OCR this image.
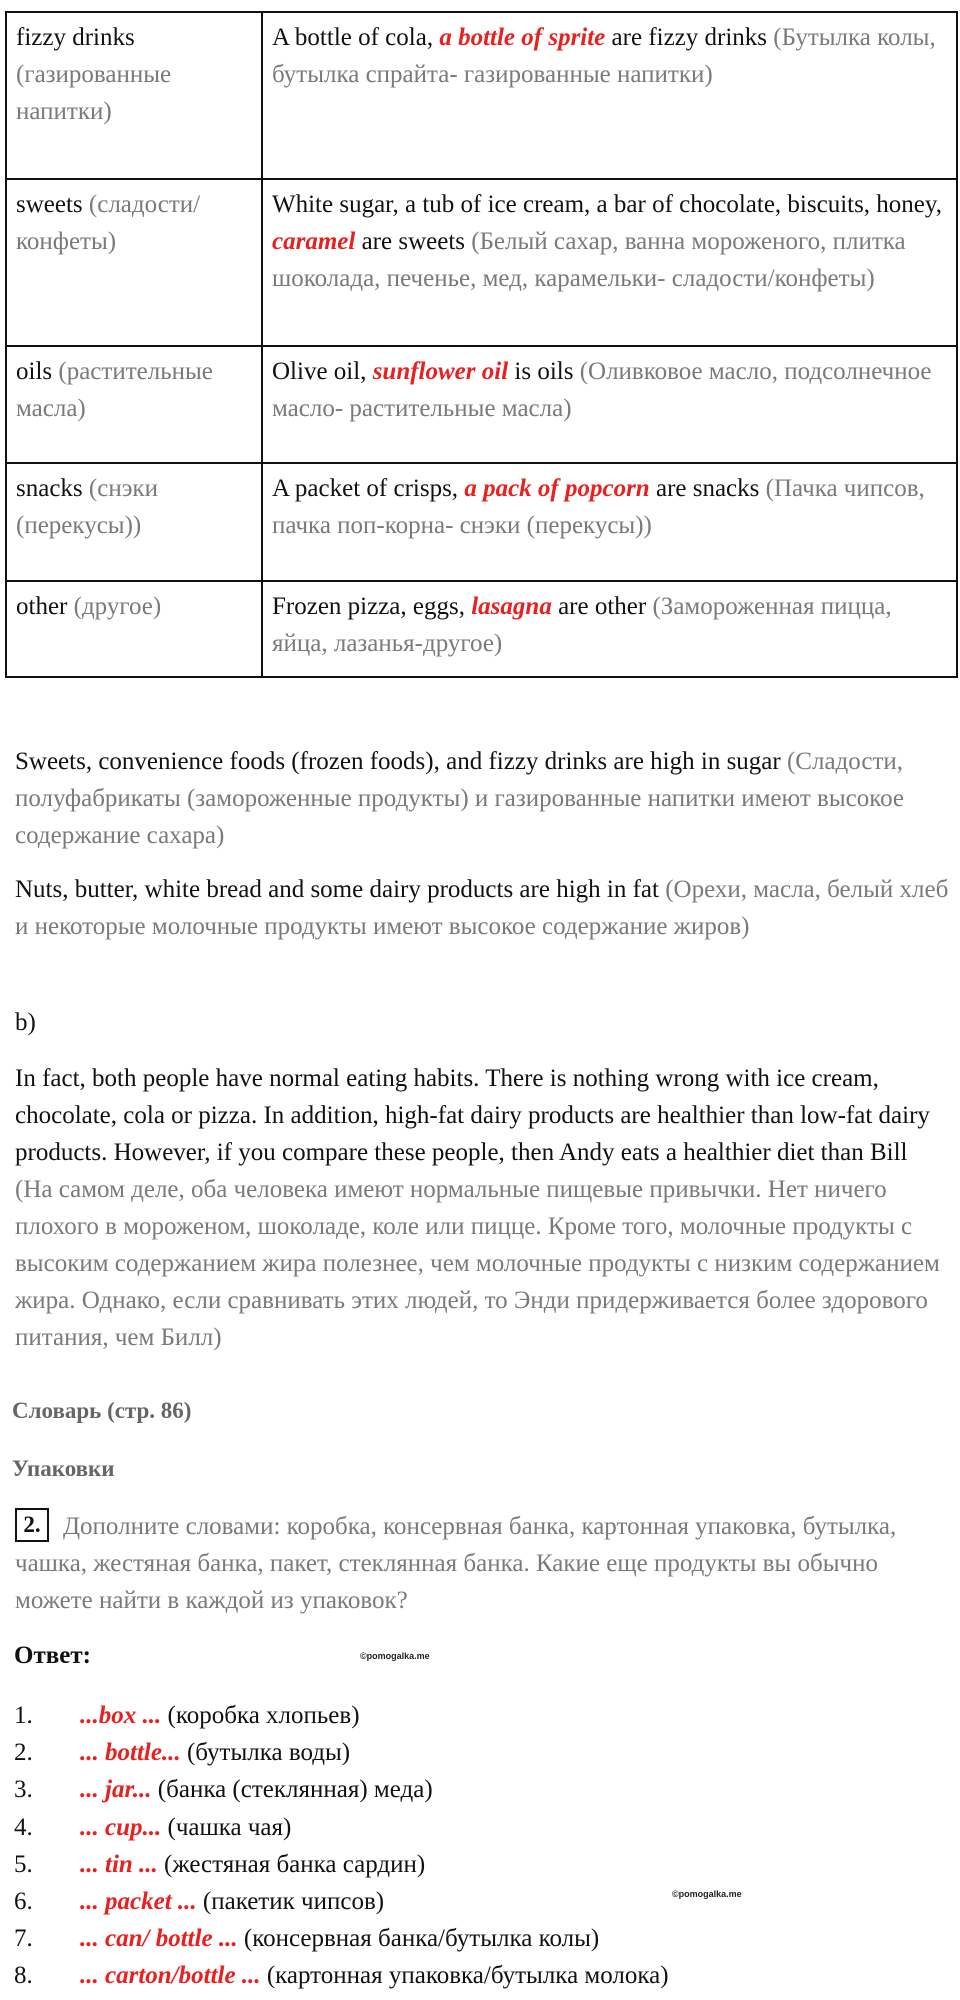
fizzy drinks (газированные напитки)	A bottle of cola, a bottle of sprite are fizzy drinks (Бутылка колы, бутылка спрайта- газированные напитки)
sweets (сладости/конфеты)	White sugar, a tub of ice cream, a bar of chocolate, biscuits, honey, caramel are sweets (Белый сахар, ванна мороженого, плитка шоколада, печенье, мед, карамельки- сладости/конфеты)
oils (растительные масла)	Olive oil, sunflower oil is oils (Оливковое масло, подсолнечное масло- растительные масла)
snacks (снэки (перекусы))	A packet of crisps, a pack of popcorn are snacks (Пачка чипсов, пачка поп-корна- снэки (перекусы))
other (другое)	Frozen pizza, eggs, lasagna are other (Замороженная пицца, яйца, лазанья-другое)

Sweets, convenience foods (frozen foods), and fizzy drinks are high in sugar (Сладости, полуфабрикаты (замороженные продукты) и газированные напитки имеют высокое содержание сахара)

Nuts, butter, white bread and some dairy products are high in fat (Орехи, масла, белый хлеб и некоторые молочные продукты имеют высокое содержание жиров)

b)

In fact, both people have normal eating habits. There is nothing wrong with ice cream, chocolate, cola or pizza. In addition, high-fat dairy products are healthier than low-fat dairy products. However, if you compare these people, then Andy eats a healthier diet than Bill (На самом деле, оба человека имеют нормальные пищевые привычки. Нет ничего плохого в мороженом, шоколаде, коле или пицце. Кроме того, молочные продукты с высоким содержанием жира полезнее, чем молочные продукты с низким содержанием жира. Однако, если сравнивать этих людей, то Энди придерживается более здорового питания, чем Билл)

Словарь (стр. 86)
Упаковки

2. Дополните словами: коробка, консервная банка, картонная упаковка, бутылка, чашка, жестяная банка, пакет, стеклянная банка. Какие еще продукты вы обычно можете найти в каждой из упаковок?

Ответ:	©pomogalka.me
©pomogalka.me
1. ...box ... (коробка хлопьев)
2. ... bottle... (бутылка воды)
3. ... jar... (банка (стеклянная) меда)
4. ... cup... (чашка чая)
5. ... tin ... (жестяная банка сардин)
6. ... packet ... (пакетик чипсов)
7. ... can/ bottle ... (консервная банка/бутылка колы)
8. ... carton/bottle ... (картонная упаковка/бутылка молока)
